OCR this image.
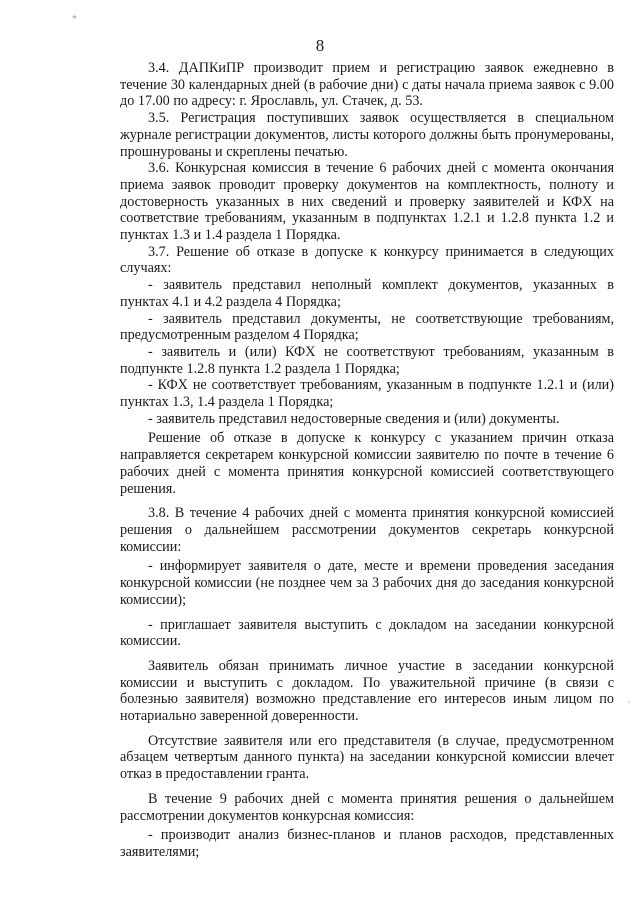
8
*
'

3.4. ДАПКиПР производит прием и регистрацию заявок ежедневно в течение 30 календарных дней (в рабочие дни) с даты начала приема заявок с 9.00 до 17.00 по адресу: г. Ярославль, ул. Стачек, д. 53.

3.5. Регистрация поступивших заявок осуществляется в специальном журнале регистрации документов, листы которого должны быть пронумерованы, прошнурованы и скреплены печатью.

3.6. Конкурсная комиссия в течение 6 рабочих дней с момента окончания приема заявок проводит проверку документов на комплектность, полноту и достоверность указанных в них сведений и проверку заявителей и КФХ на соответствие требованиям, указанным в подпунктах 1.2.1 и 1.2.8 пункта 1.2 и пунктах 1.3 и 1.4 раздела 1 Порядка.

3.7. Решение об отказе в допуске к конкурсу принимается в следующих случаях:

- заявитель представил неполный комплект документов, указанных в пунктах 4.1 и 4.2 раздела 4 Порядка;

- заявитель представил документы, не соответствующие требованиям, предусмотренным разделом 4 Порядка;

- заявитель и (или) КФХ не соответствуют требованиям, указанным в подпункте 1.2.8 пункта 1.2 раздела 1 Порядка;

- КФХ не соответствует требованиям, указанным в подпункте 1.2.1 и (или) пунктах 1.3, 1.4 раздела 1 Порядка;

- заявитель представил недостоверные сведения и (или) документы.

Решение об отказе в допуске к конкурсу с указанием причин отказа направляется секретарем конкурсной комиссии заявителю по почте в течение 6 рабочих дней с момента принятия конкурсной комиссией соответствующего решения.

3.8. В течение 4 рабочих дней с момента принятия конкурсной комиссией решения о дальнейшем рассмотрении документов секретарь конкурсной комиссии:

- информирует заявителя о дате, месте и времени проведения заседания конкурсной комиссии (не позднее чем за 3 рабочих дня до заседания конкурсной комиссии);

- приглашает заявителя выступить с докладом на заседании конкурсной комиссии.

Заявитель обязан принимать личное участие в заседании конкурсной комиссии и выступить с докладом. По уважительной причине (в связи с болезнью заявителя) возможно представление его интересов иным лицом по нотариально заверенной доверенности.

Отсутствие заявителя или его представителя (в случае, предусмотренном абзацем четвертым данного пункта) на заседании конкурсной комиссии влечет отказ в предоставлении гранта.

В течение 9 рабочих дней с момента принятия решения о дальнейшем рассмотрении документов конкурсная комиссия:

- производит анализ бизнес-планов и планов расходов, представленных заявителями;
